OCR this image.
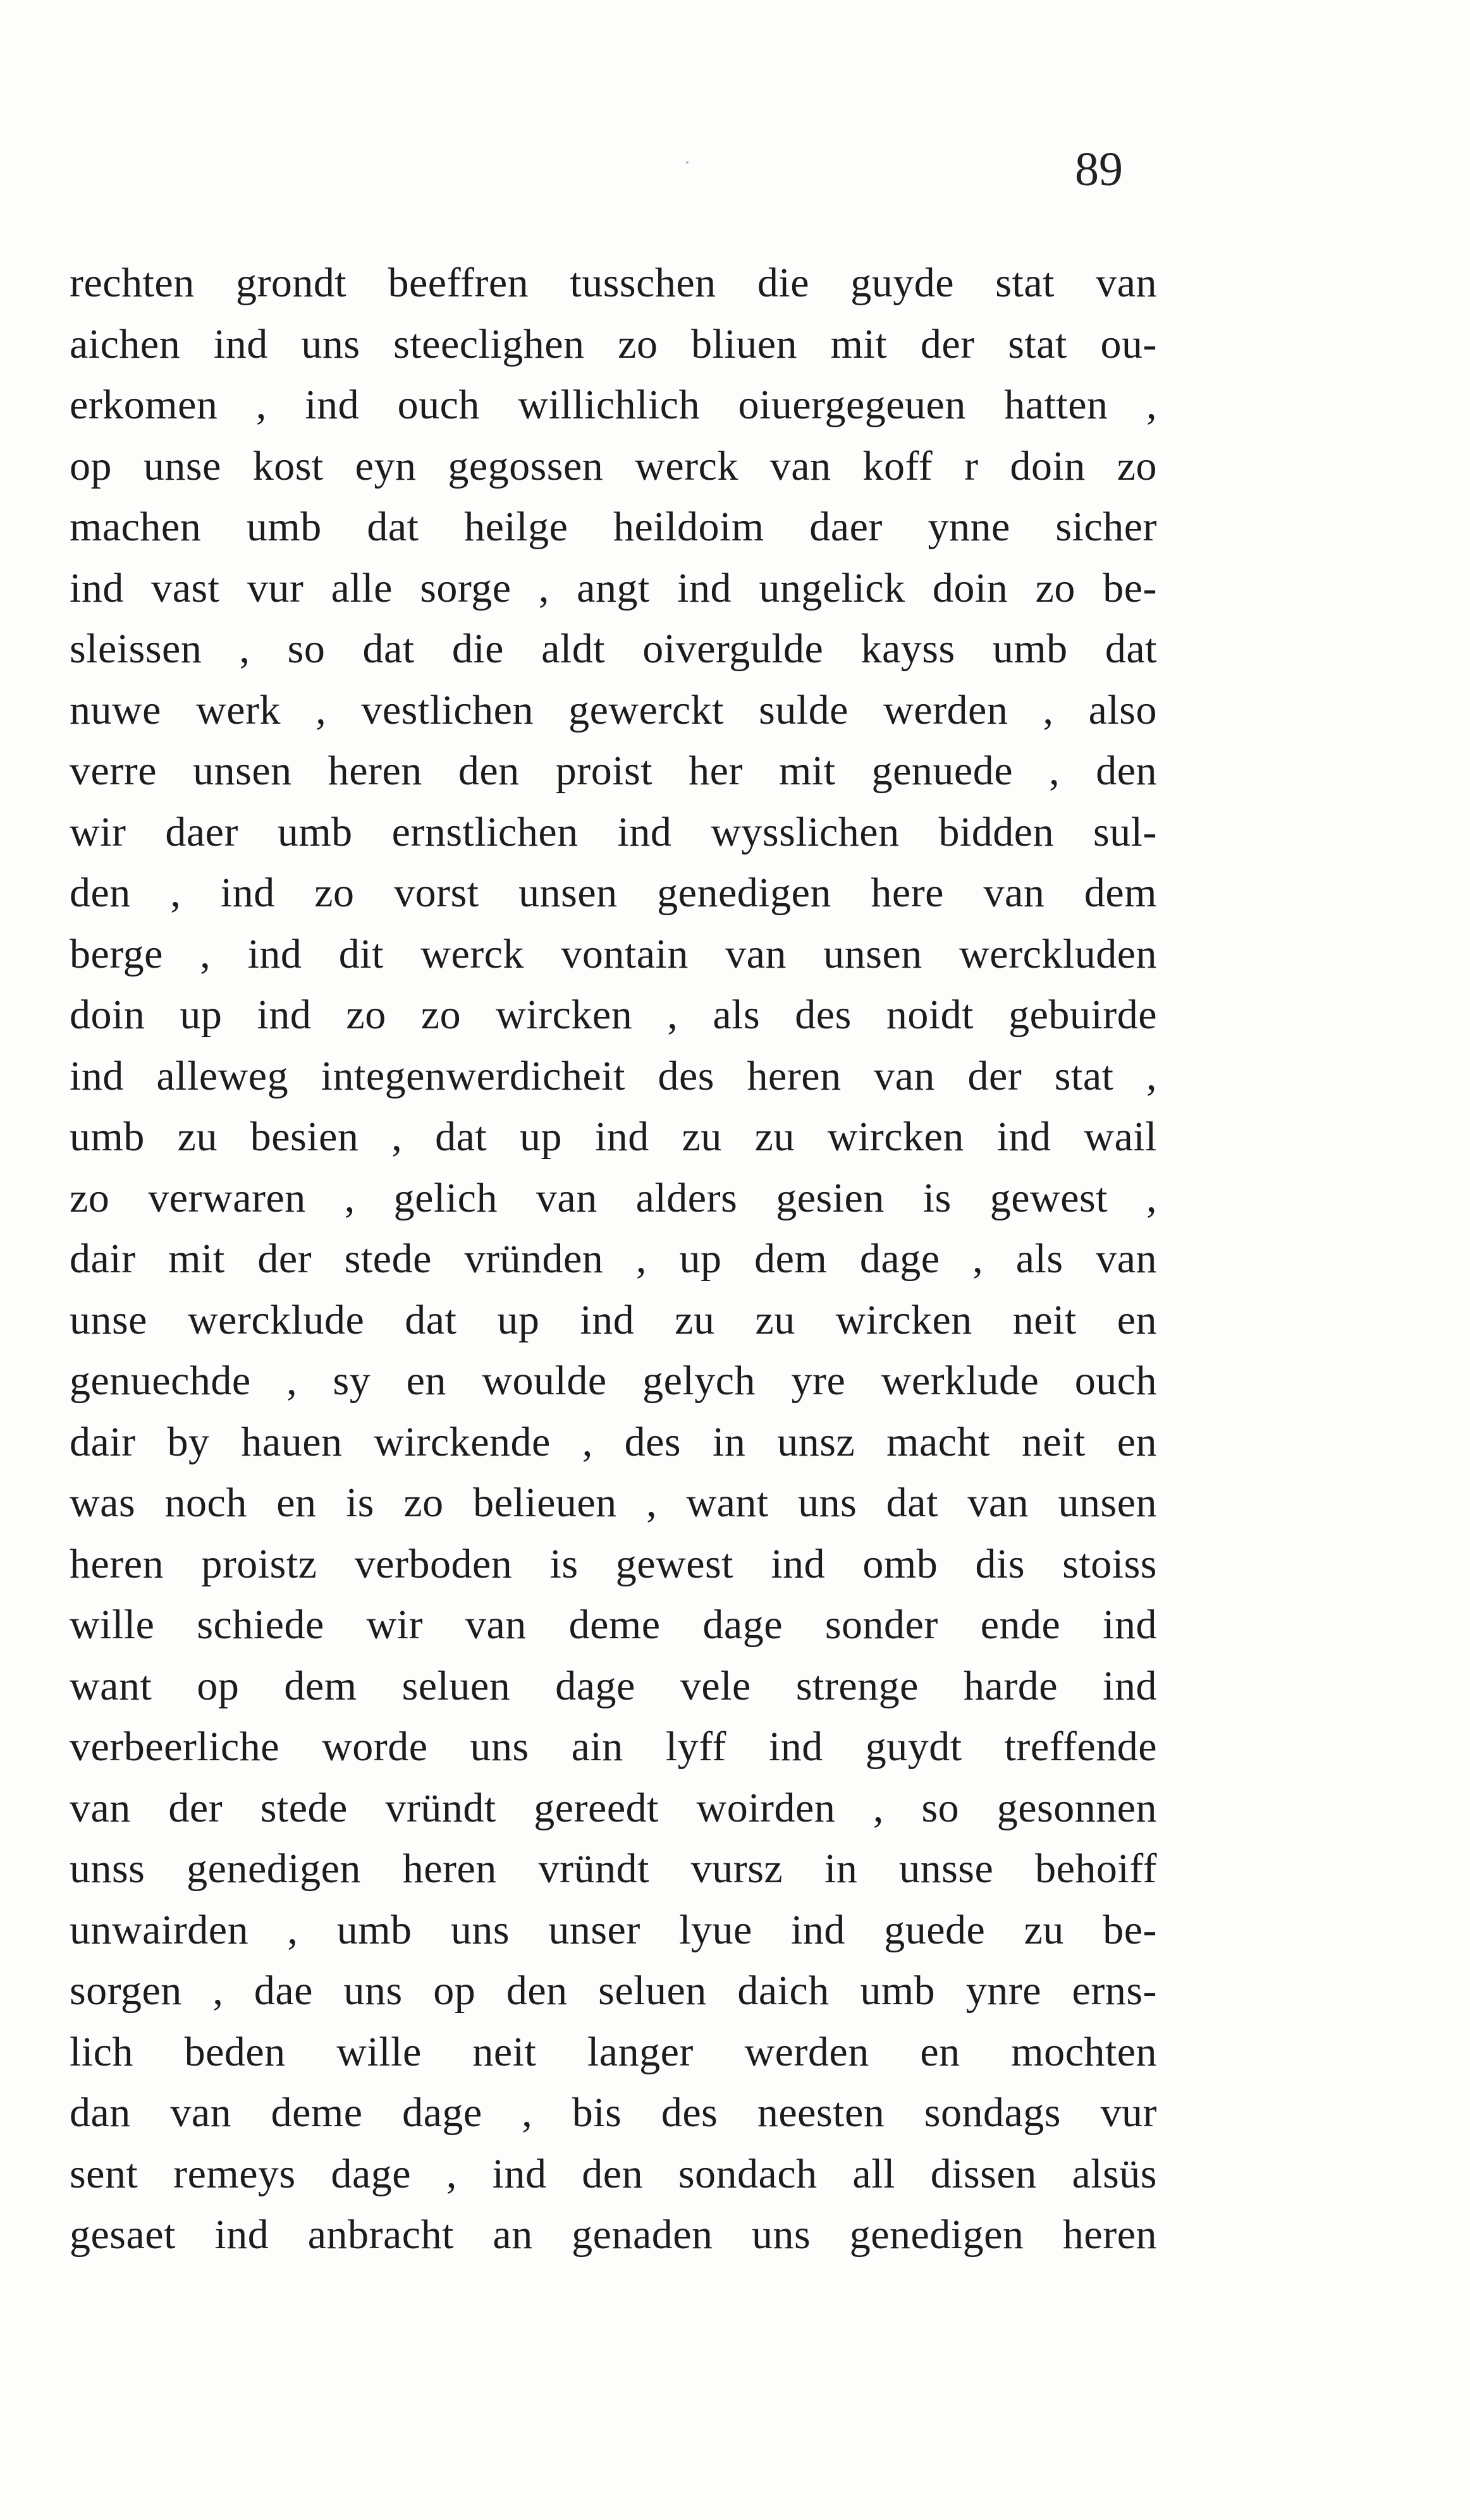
89
rechten grondt beeffren tusschen die guyde stat van
aichen ind uns steeclighen zo bliuen mit der stat ou-
erkomen , ind ouch willichlich oiuergegeuen hatten ,
op unse kost eyn gegossen werck van koff r doin zo
machen umb dat heilge heildoim daer ynne sicher
ind vast vur alle sorge , angt ind ungelick doin zo be-
sleissen , so dat die aldt oivergulde kayss umb dat
nuwe werk , vestlichen gewerckt sulde werden , also
verre unsen heren den proist her mit genuede , den
wir daer umb ernstlichen ind wysslichen bidden sul-
den , ind zo vorst unsen genedigen here van dem
berge , ind dit werck vontain van unsen werckluden
doin up ind zo zo wircken , als des noidt gebuirde
ind alleweg integenwerdicheit des heren van der stat ,
umb zu besien , dat up ind zu zu wircken ind wail
zo verwaren , gelich van alders gesien is gewest ,
dair mit der stede vründen , up dem dage , als van
unse wercklude dat up ind zu zu wircken neit en
genuechde , sy en woulde gelych yre werklude ouch
dair by hauen wirckende , des in unsz macht neit en
was noch en is zo belieuen , want uns dat van unsen
heren proistz verboden is gewest ind omb dis stoiss
wille schiede wir van deme dage sonder ende ind
want op dem seluen dage vele strenge harde ind
verbeerliche worde uns ain lyff ind guydt treffende
van der stede vründt gereedt woirden , so gesonnen
unss genedigen heren vründt vursz in unsse behoiff
unwairden , umb uns unser lyue ind guede zu be-
sorgen , dae uns op den seluen daich umb ynre erns-
lich beden wille neit langer werden en mochten
dan van deme dage , bis des neesten sondags vur
sent remeys dage , ind den sondach all dissen alsüs
gesaet ind anbracht an genaden uns genedigen heren
